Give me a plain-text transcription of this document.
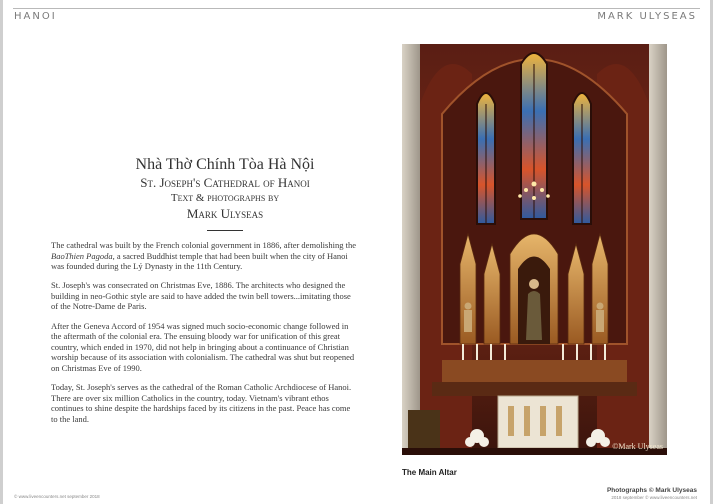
HANOI	MARK ULYSEAS
Nhà Thờ Chính Tòa Hà Nội
St. Joseph's Cathedral of Hanoi
Text & photographs by
Mark Ulyseas

The cathedral was built by the French colonial government in 1886, after demolishing the BaoThien Pagoda, a sacred Buddhist temple that had been built when the city of Hanoi was founded during the Lý Dynasty in the 11th Century.

St. Joseph's was consecrated on Christmas Eve, 1886. The architects who designed the building in neo-Gothic style are said to have added the twin bell towers...imitating those of the Notre-Dame de Paris.

After the Geneva Accord of 1954 was signed much socio-economic change followed in the aftermath of the colonial era. The ensuing bloody war for unification of this great country, which ended in 1970, did not help in bringing about a continuance of Christian worship because of its association with colonialism. The cathedral was shut but reopened on Christmas Eve of 1990.

Today, St. Joseph's serves as the cathedral of the Roman Catholic Archdiocese of Hanoi. There are over six million Catholics in the country, today. Vietnam's vibrant ethos continues to shine despite the hardships faced by its citizens in the past. Peace has come to the land.

©Mark Ulyseas
The Main Altar
© www.liveencounters.net september 2018
Photographs © Mark Ulyseas
2018 september © www.liveencounters.net
